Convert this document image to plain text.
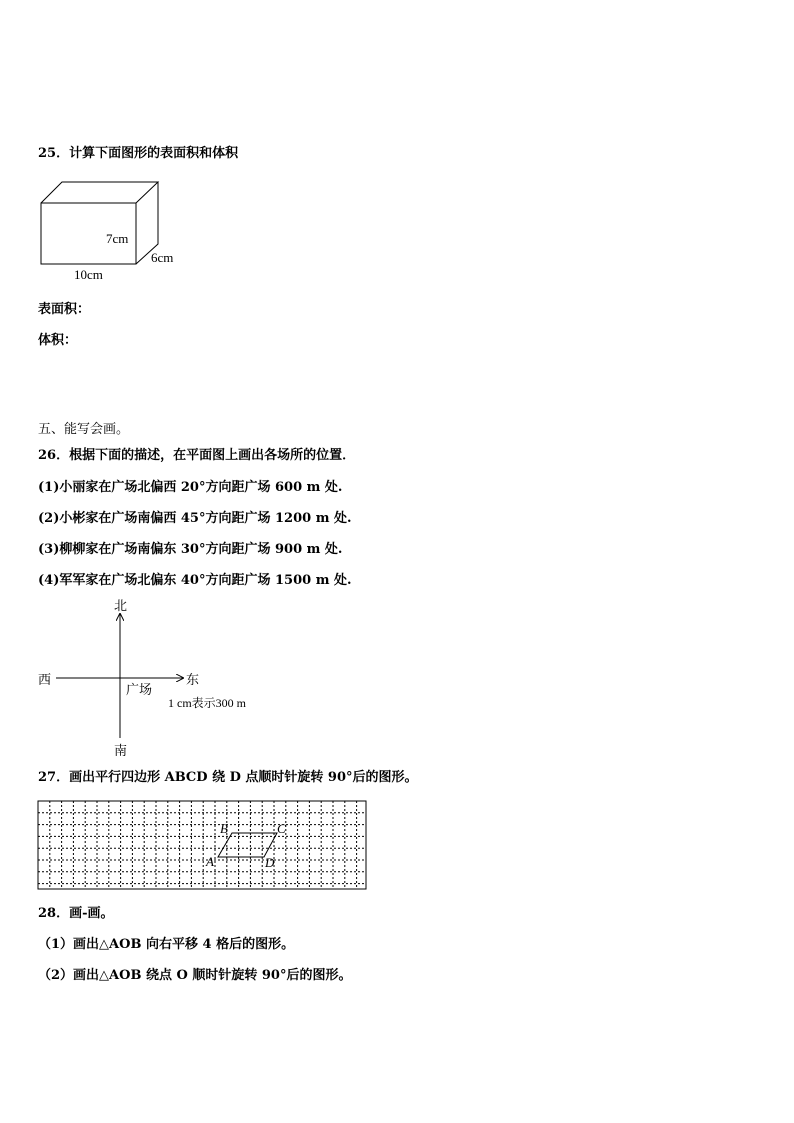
25．计算下面图形的表面积和体积
7cm
6cm
10cm
表面积：
体积：
五、能写会画。
26．根据下面的描述，在平面图上画出各场所的位置．
(1)小丽家在广场北偏西 20°方向距广场 600 m 处.
(2)小彬家在广场南偏西 45°方向距广场 1200 m 处.
(3)柳柳家在广场南偏东 30°方向距广场 900 m 处.
(4)军军家在广场北偏东 40°方向距广场 1500 m 处.
北
南
西	东
广场
1 cm表示300 m
27．画出平行四边形 ABCD 绕 D 点顺时针旋转 90°后的图形。
B	C
A	D
28．画-画。
（1）画出△AOB 向右平移 4 格后的图形。
（2）画出△AOB 绕点 O 顺时针旋转 90°后的图形。
